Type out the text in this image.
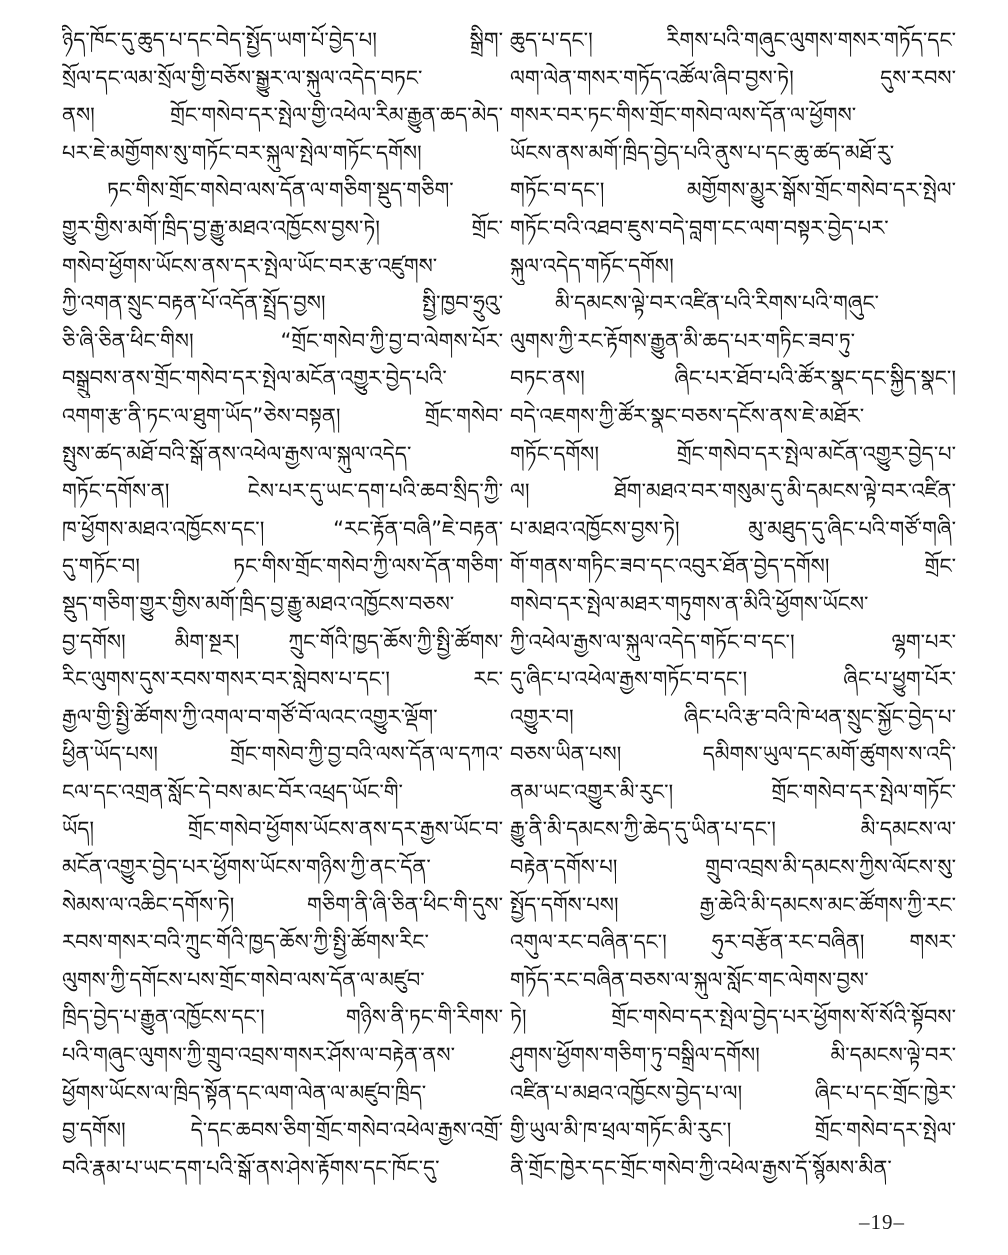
ཉིད་ཁོང་དུ་ཆུད་པ་དང་བེད་སྤྱོད་ཡག་པོ་བྱེད་པ། སྒྲིག་
སྲོལ་དང་ལམ་སྲོལ་གྱི་བཅོས་སྒྱུར་ལ་སྐུལ་འདེད་བཏང་
ནས། གྲོང་གསེབ་དར་སྤེལ་གྱི་འཕེལ་རིམ་རྒྱུན་ཆད་མེད་
པར་ཇེ་མགྱོགས་སུ་གཏོང་བར་སྐུལ་སྤེལ་གཏོང་དགོས།
ཏང་གིས་གྲོང་གསེབ་ལས་དོན་ལ་གཅིག་སྡུད་གཅིག་
གྱུར་གྱིས་མགོ་ཁྲིད་བྱ་རྒྱུ་མཐའ་འཁྱོངས་བྱས་ཏེ། གྲོང་
གསེབ་ཕྱོགས་ཡོངས་ནས་དར་སྤེལ་ཡོང་བར་རྩ་འཛུགས་
ཀྱི་འགན་སྲུང་བརྟན་པོ་འདོན་སྤྲོད་བྱས། སྤྱི་ཁྱབ་ཧྲུའུ་
ཅི་ཞི་ཅིན་ཕིང་གིས། “གྲོང་གསེབ་ཀྱི་བྱ་བ་ལེགས་པོར་
བསྒྲུབས་ནས་གྲོང་གསེབ་དར་སྤེལ་མངོན་འགྱུར་བྱེད་པའི་
འགག་རྩ་ནི་ཏང་ལ་ཐུག་ཡོད”ཅེས་བསྟན། གྲོང་གསེབ་
སྤུས་ཚད་མཐོ་བའི་སྒོ་ནས་འཕེལ་རྒྱས་ལ་སྐུལ་འདེད་
གཏོང་དགོས་ན། ངེས་པར་དུ་ཡང་དག་པའི་ཆབ་སྲིད་ཀྱི་
ཁ་ཕྱོགས་མཐའ་འཁྱོངས་དང་། “རང་རྟོན་བཞི”ཇེ་བརྟན་
དུ་གཏོང་བ། ཏང་གིས་གྲོང་གསེབ་ཀྱི་ལས་དོན་གཅིག་
སྡུད་གཅིག་གྱུར་གྱིས་མགོ་ཁྲིད་བྱ་རྒྱུ་མཐའ་འཁྱོངས་བཅས་
བྱ་དགོས། མིག་སྔར། ཀྲུང་གོའི་ཁྱད་ཆོས་ཀྱི་སྤྱི་ཚོགས་
རིང་ལུགས་དུས་རབས་གསར་བར་སླེབས་པ་དང་། རང་
རྒྱལ་གྱི་སྤྱི་ཚོགས་ཀྱི་འགལ་བ་གཙོ་བོ་ལའང་འགྱུར་ལྡོག་
ཕྱིན་ཡོད་པས། གྲོང་གསེབ་ཀྱི་བྱ་བའི་ལས་དོན་ལ་དཀའ་
ངལ་དང་འགྲན་སློང་དེ་བས་མང་བོར་འཕྲད་ཡོང་གི་
ཡོད། གྲོང་གསེབ་ཕྱོགས་ཡོངས་ནས་དར་རྒྱས་ཡོང་བ་
མངོན་འགྱུར་བྱེད་པར་ཕྱོགས་ཡོངས་གཉིས་ཀྱི་ནང་དོན་
སེམས་ལ་འཆིང་དགོས་ཏེ། གཅིག་ནི་ཞི་ཅིན་ཕིང་གི་དུས་
རབས་གསར་བའི་ཀྲུང་གོའི་ཁྱད་ཆོས་ཀྱི་སྤྱི་ཚོགས་རིང་
ལུགས་ཀྱི་དགོངས་པས་གྲོང་གསེབ་ལས་དོན་ལ་མཛུབ་
ཁྲིད་བྱེད་པ་རྒྱུན་འཁྱོངས་དང་། གཉིས་ནི་ཏང་གི་རིགས་
པའི་གཞུང་ལུགས་ཀྱི་གྲུབ་འབྲས་གསར་ཤོས་ལ་བརྟེན་ནས་
ཕྱོགས་ཡོངས་ལ་ཁྲིད་སྟོན་དང་ལག་ལེན་ལ་མཛུབ་ཁྲིད་
བྱ་དགོས། དེ་དང་ཆབས་ཅིག་གྲོང་གསེབ་འཕེལ་རྒྱས་འགྲོ་
བའི་རྣམ་པ་ཡང་དག་པའི་སྒོ་ནས་ཤེས་རྟོགས་དང་ཁོང་དུ་
ཆུད་པ་དང་། རིགས་པའི་གཞུང་ལུགས་གསར་གཏོད་དང་
ལག་ལེན་གསར་གཏོད་འཚོལ་ཞིབ་བྱས་ཏེ། དུས་རབས་
གསར་བར་ཏང་གིས་གྲོང་གསེབ་ལས་དོན་ལ་ཕྱོགས་
ཡོངས་ནས་མགོ་ཁྲིད་བྱེད་པའི་ནུས་པ་དང་ཆུ་ཚད་མཐོ་རུ་
གཏོང་བ་དང་། མགྱོགས་མྱུར་སྒོས་གྲོང་གསེབ་དར་སྤེལ་
གཏོང་བའི་འཐབ་ཇུས་བདེ་བླག་ངང་ལག་བསྟར་བྱེད་པར་
སྐུལ་འདེད་གཏོང་དགོས།
མི་དམངས་ལྟེ་བར་འཛིན་པའི་རིགས་པའི་གཞུང་
ལུགས་ཀྱི་རང་རྟོགས་རྒྱུན་མི་ཆད་པར་གཏིང་ཟབ་ཏུ་
བཏང་ནས། ཞིང་པར་ཐོབ་པའི་ཚོར་སྣང་དང་སྐྱིད་སྣང་།
བདེ་འཇགས་ཀྱི་ཚོར་སྣང་བཅས་དངོས་ནས་ཇེ་མཐོར་
གཏོང་དགོས། གྲོང་གསེབ་དར་སྤེལ་མངོན་འགྱུར་བྱེད་པ་
ལ། ཐོག་མཐའ་བར་གསུམ་དུ་མི་དམངས་ལྟེ་བར་འཛིན་
པ་མཐའ་འཁྱོངས་བྱས་ཏེ། མུ་མཐུད་དུ་ཞིང་པའི་གཙོ་གཞི་
གོ་གནས་གཏིང་ཟབ་དང་འབུར་ཐོན་བྱེད་དགོས། གྲོང་
གསེབ་དར་སྤེལ་མཐར་གཏུགས་ན་མིའི་ཕྱོགས་ཡོངས་
ཀྱི་འཕེལ་རྒྱས་ལ་སྐུལ་འདེད་གཏོང་བ་དང་། ལྷག་པར་
དུ་ཞིང་པ་འཕེལ་རྒྱས་གཏོང་བ་དང་། ཞིང་པ་ཕྱུག་པོར་
འགྱུར་བ། ཞིང་པའི་རྩ་བའི་ཁེ་ཕན་སྲུང་སྐྱོང་བྱེད་པ་
བཅས་ཡིན་པས། དམིགས་ཡུལ་དང་མགོ་ཚུགས་ས་འདི་
ནམ་ཡང་འགྱུར་མི་རུང་། གྲོང་གསེབ་དར་སྤེལ་གཏོང་
རྒྱུ་ནི་མི་དམངས་ཀྱི་ཆེད་དུ་ཡིན་པ་དང་། མི་དམངས་ལ་
བརྟེན་དགོས་པ། གྲུབ་འབྲས་མི་དམངས་ཀྱིས་ལོངས་སུ་
སྤྱོད་དགོས་པས། རྒྱ་ཆེའི་མི་དམངས་མང་ཚོགས་ཀྱི་རང་
འགུལ་རང་བཞིན་དང་། ཧུར་བརྩོན་རང་བཞིན། གསར་
གཏོད་རང་བཞིན་བཅས་ལ་སྐུལ་སློང་གང་ལེགས་བྱས་
ཏེ། གྲོང་གསེབ་དར་སྤེལ་བྱེད་པར་ཕྱོགས་སོ་སོའི་སྟོབས་
ཤུགས་ཕྱོགས་གཅིག་ཏུ་བསྒྲིལ་དགོས། མི་དམངས་ལྟེ་བར་
འཛིན་པ་མཐའ་འཁྱོངས་བྱེད་པ་ལ། ཞིང་པ་དང་གྲོང་ཁྱེར་
གྱི་ཡུལ་མི་ཁ་ཕྲལ་གཏོང་མི་རུང་། གྲོང་གསེབ་དར་སྤེལ་
ནི་གྲོང་ཁྱེར་དང་གྲོང་གསེབ་ཀྱི་འཕེལ་རྒྱས་དོ་སྙོམས་མིན་
–19–
